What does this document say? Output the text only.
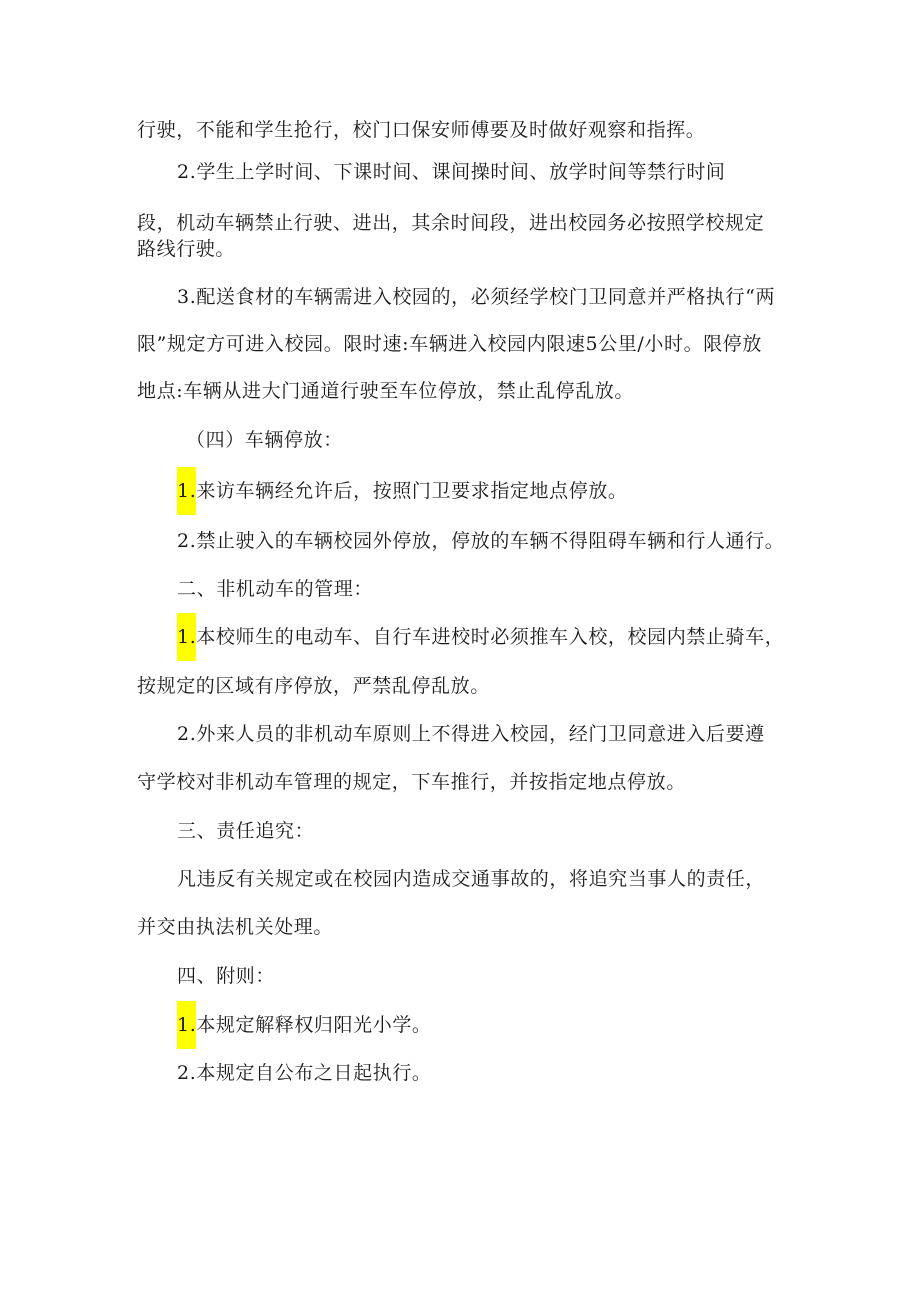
行驶，不能和学生抢行，校门口保安师傅要及时做好观察和指挥。
2.学生上学时间、下课时间、课间操时间、放学时间等禁行时间
段，机动车辆禁止行驶、进出，其余时间段，进出校园务必按照学校规定
路线行驶。
3.配送食材的车辆需进入校园的，必须经学校门卫同意并严格执行“两
限”规定方可进入校园。限时速:车辆进入校园内限速5公里/小时。限停放
地点:车辆从进大门通道行驶至车位停放，禁止乱停乱放。
（四）车辆停放：
1.来访车辆经允许后，按照门卫要求指定地点停放。
2.禁止驶入的车辆校园外停放，停放的车辆不得阻碍车辆和行人通行。
二、非机动车的管理：
1.本校师生的电动车、自行车进校时必须推车入校，校园内禁止骑车，
按规定的区域有序停放，严禁乱停乱放。
2.外来人员的非机动车原则上不得进入校园，经门卫同意进入后要遵
守学校对非机动车管理的规定，下车推行，并按指定地点停放。
三、责任追究：
凡违反有关规定或在校园内造成交通事故的，将追究当事人的责任，
并交由执法机关处理。
四、附则：
1.本规定解释权归阳光小学。
2.本规定自公布之日起执行。
